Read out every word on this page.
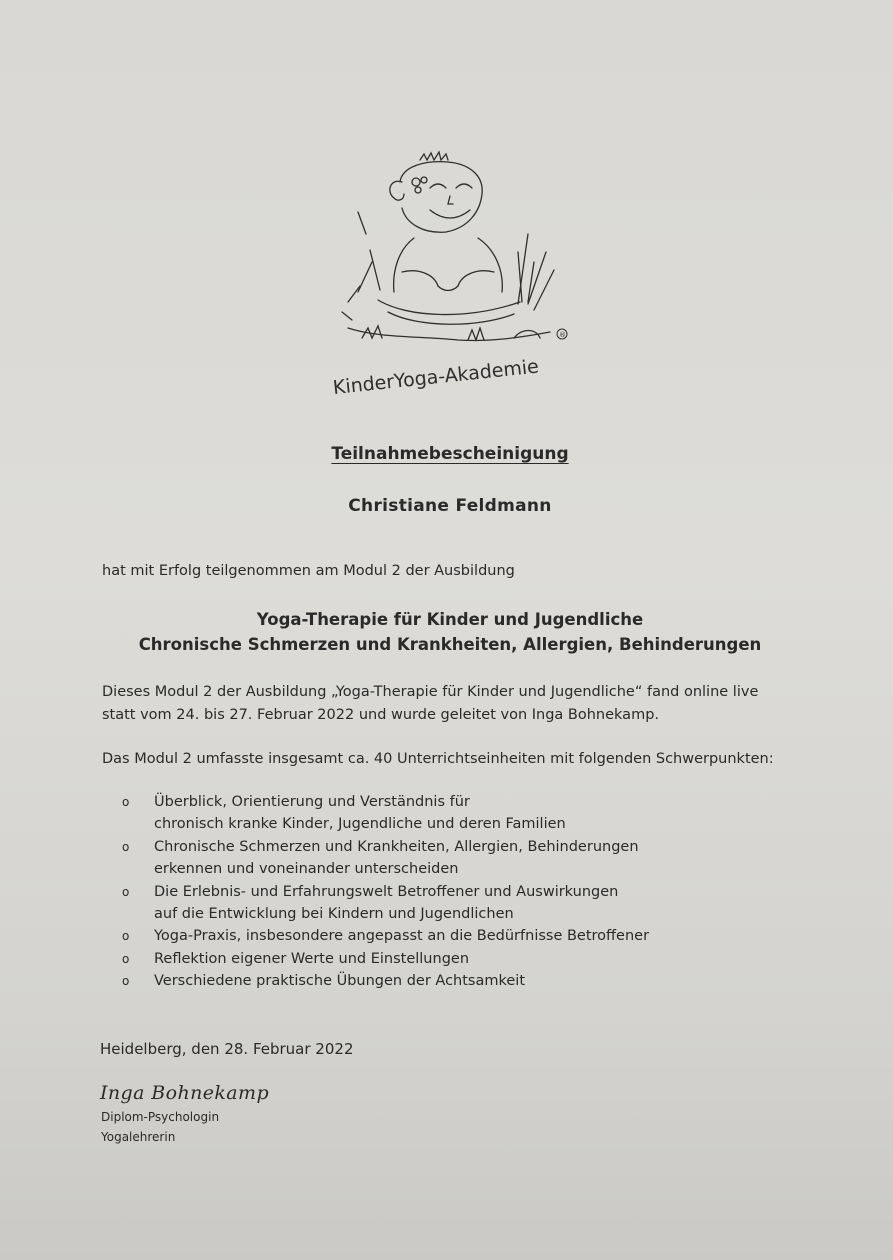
®
KinderYoga-Akademie
Teilnahmebescheinigung
Christiane Feldmann
hat mit Erfolg teilgenommen am Modul 2 der Ausbildung
Yoga-Therapie für Kinder und Jugendliche
Chronische Schmerzen und Krankheiten, Allergien, Behinderungen
Dieses Modul 2 der Ausbildung „Yoga-Therapie für Kinder und Jugendliche“ fand online live
statt vom 24. bis 27. Februar 2022 und wurde geleitet von Inga Bohnekamp.
Das Modul 2 umfasste insgesamt ca. 40 Unterrichtseinheiten mit folgenden Schwerpunkten:
o Überblick, Orientierung und Verständnis für
chronisch kranke Kinder, Jugendliche und deren Familien
o Chronische Schmerzen und Krankheiten, Allergien, Behinderungen
erkennen und voneinander unterscheiden
o Die Erlebnis- und Erfahrungswelt Betroffener und Auswirkungen
auf die Entwicklung bei Kindern und Jugendlichen
o Yoga-Praxis, insbesondere angepasst an die Bedürfnisse Betroffener
o Reflektion eigener Werte und Einstellungen
o Verschiedene praktische Übungen der Achtsamkeit
Heidelberg, den 28. Februar 2022
Inga Bohnekamp
Diplom-Psychologin
Yogalehrerin
